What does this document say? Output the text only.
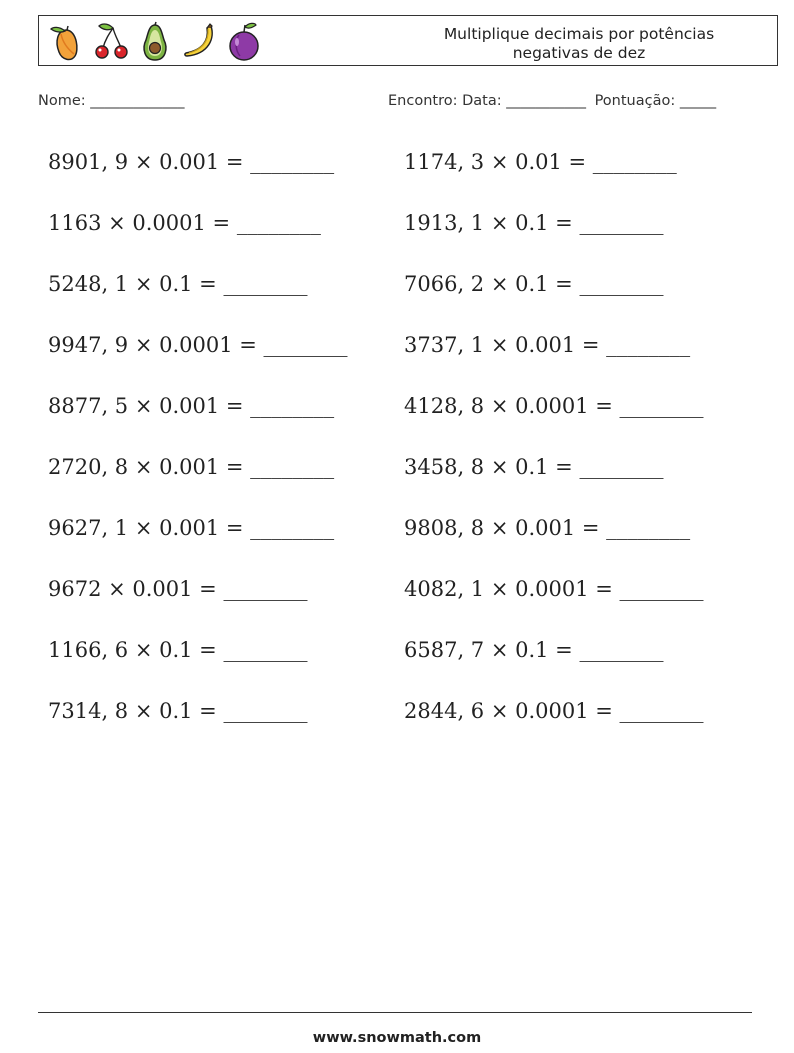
Multiplique decimais por potências
negativas de dez
Nome: _____________	Encontro: Data: ___________ Pontuação: _____
8901, 9 × 0.001 = ________	1174, 3 × 0.01 = ________
1163 × 0.0001 = ________	1913, 1 × 0.1 = ________
5248, 1 × 0.1 = ________	7066, 2 × 0.1 = ________
9947, 9 × 0.0001 = ________	3737, 1 × 0.001 = ________
8877, 5 × 0.001 = ________	4128, 8 × 0.0001 = ________
2720, 8 × 0.001 = ________	3458, 8 × 0.1 = ________
9627, 1 × 0.001 = ________	9808, 8 × 0.001 = ________
9672 × 0.001 = ________	4082, 1 × 0.0001 = ________
1166, 6 × 0.1 = ________	6587, 7 × 0.1 = ________
7314, 8 × 0.1 = ________	2844, 6 × 0.0001 = ________
www.snowmath.com
